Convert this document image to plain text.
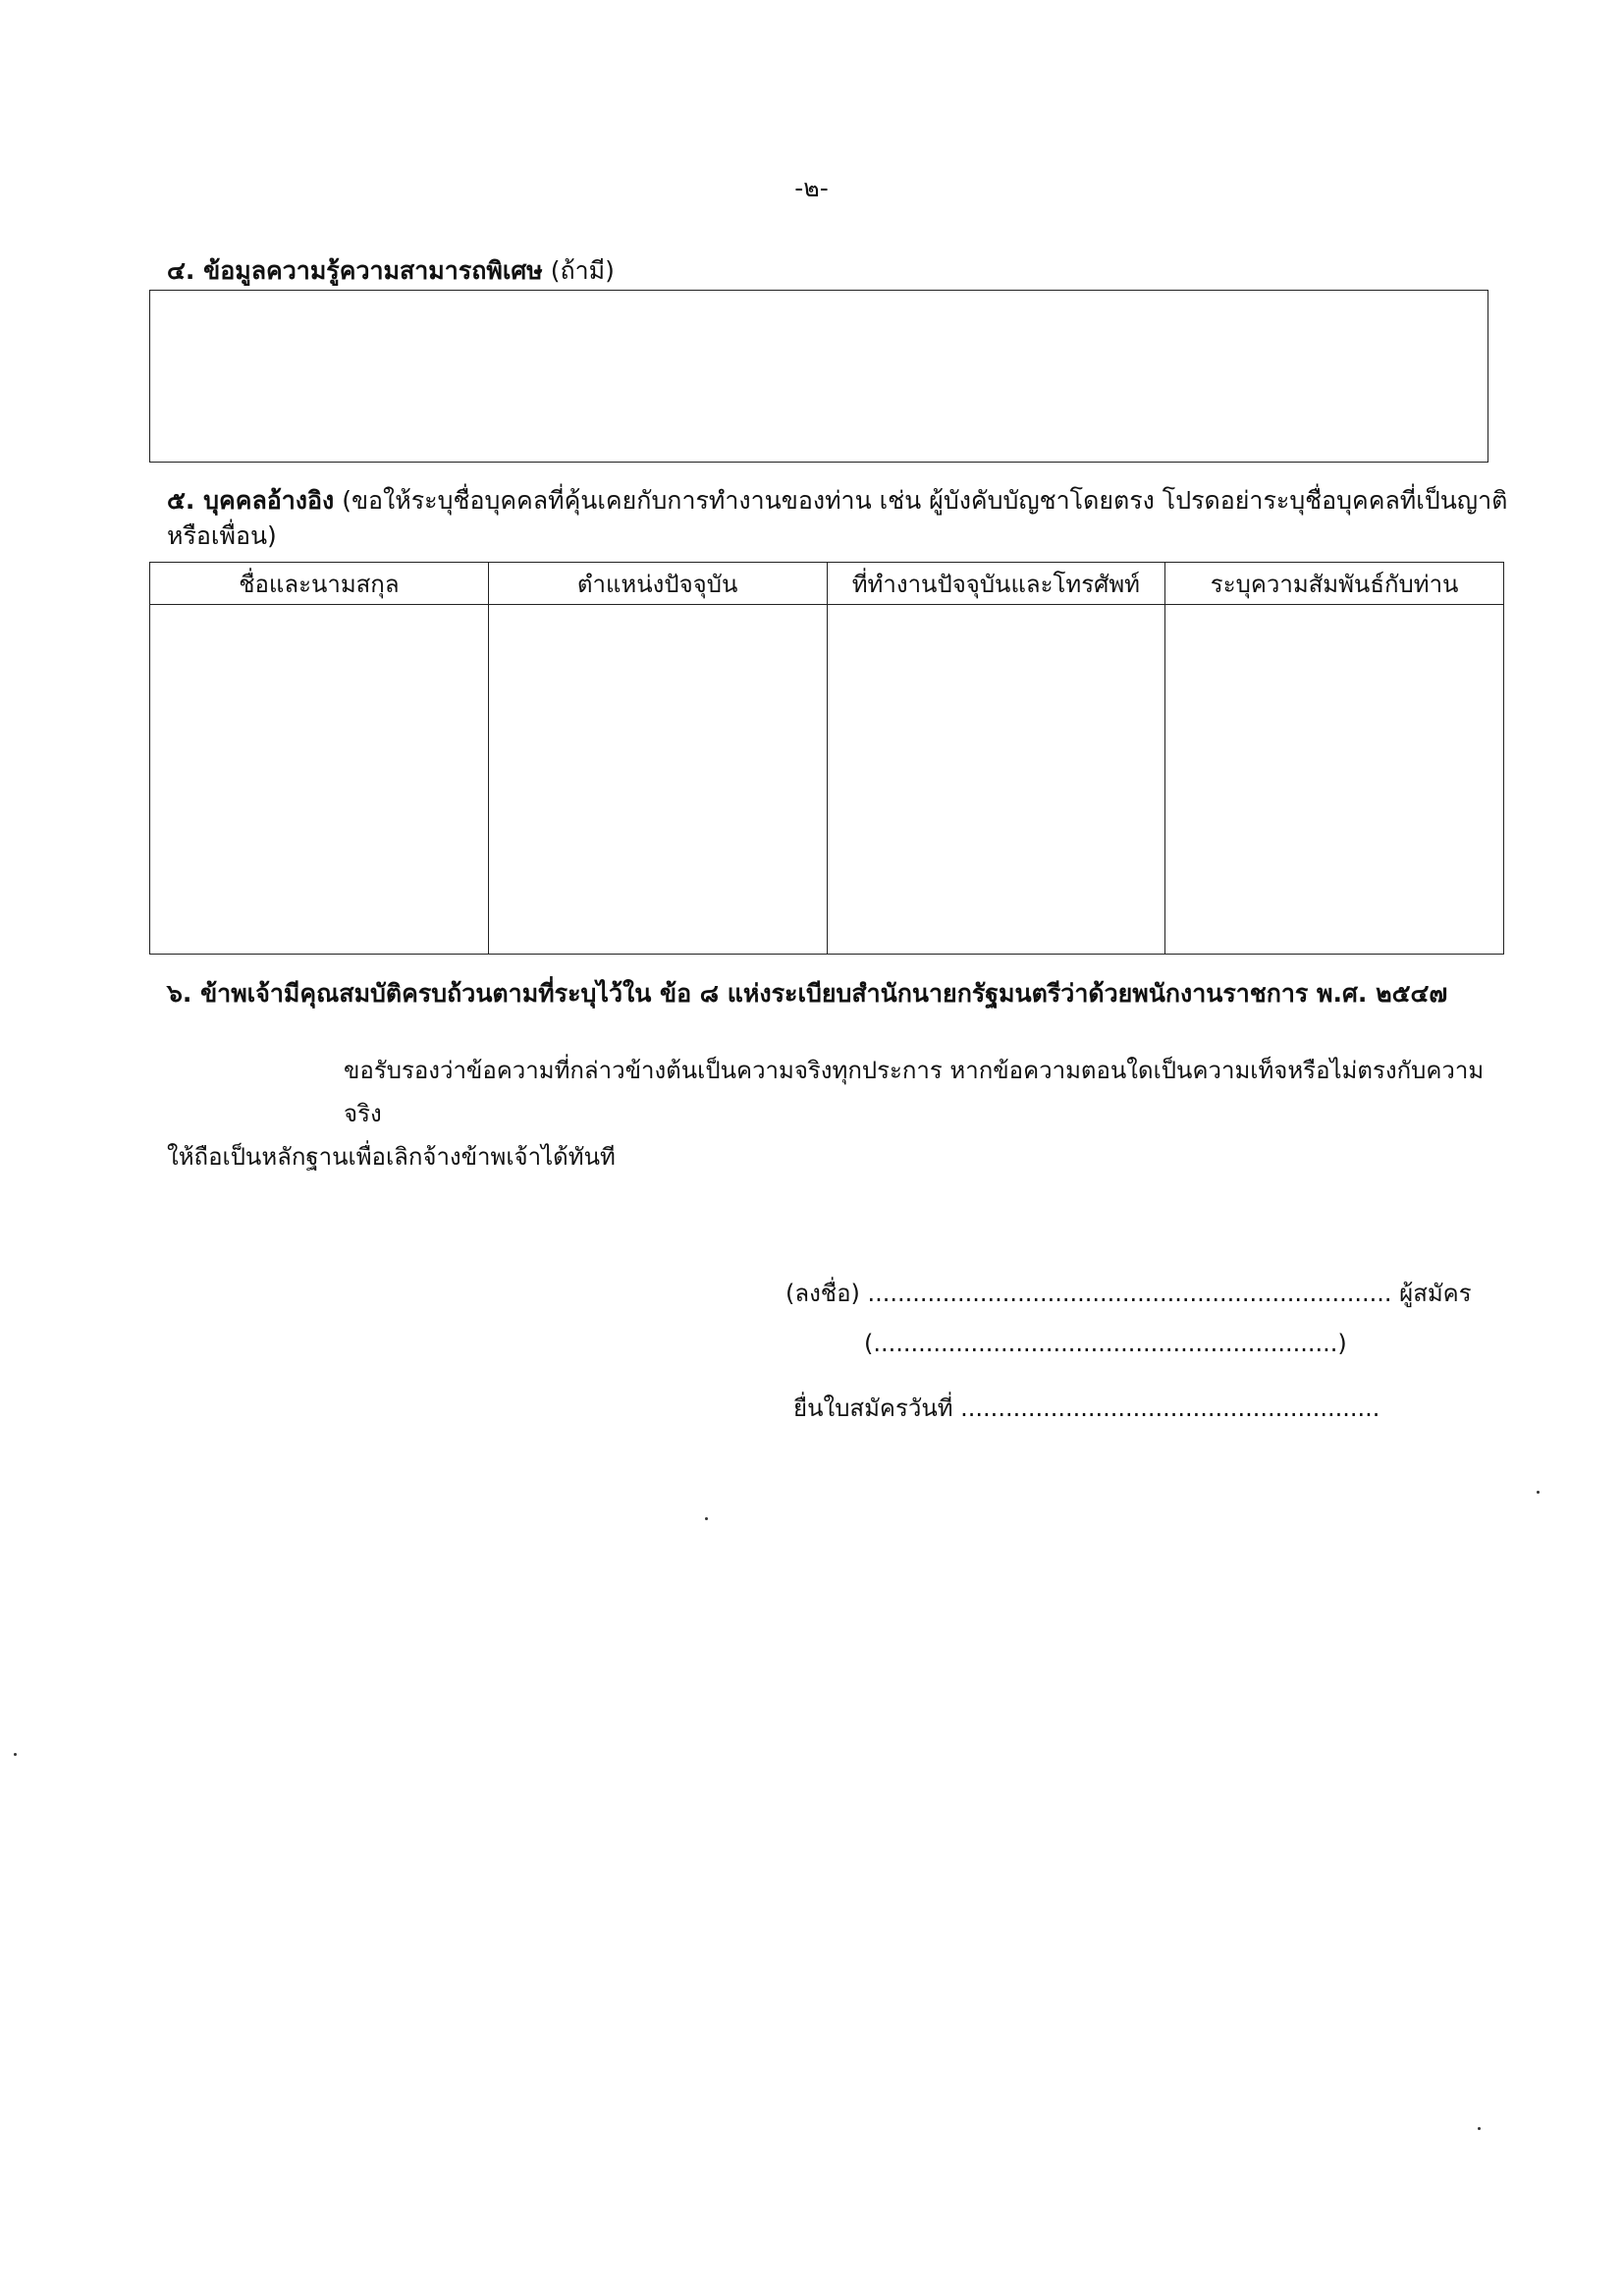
-๒-
๔. ข้อมูลความรู้ความสามารถพิเศษ (ถ้ามี)
๕. บุคคลอ้างอิง (ขอให้ระบุชื่อบุคคลที่คุ้นเคยกับการทำงานของท่าน เช่น ผู้บังคับบัญชาโดยตรง โปรดอย่าระบุชื่อบุคคลที่เป็นญาติ
หรือเพื่อน)
ชื่อและนามสกุล	ตำแหน่งปัจจุบัน	ที่ทำงานปัจจุบันและโทรศัพท์	ระบุความสัมพันธ์กับท่าน

๖. ข้าพเจ้ามีคุณสมบัติครบถ้วนตามที่ระบุไว้ใน ข้อ ๘ แห่งระเบียบสำนักนายกรัฐมนตรีว่าด้วยพนักงานราชการ พ.ศ. ๒๕๔๗
ขอรับรองว่าข้อความที่กล่าวข้างต้นเป็นความจริงทุกประการ หากข้อความตอนใดเป็นความเท็จหรือไม่ตรงกับความจริง
ให้ถือเป็นหลักฐานเพื่อเลิกจ้างข้าพเจ้าได้ทันที
(ลงชื่อ) ...................................................................... ผู้สมัคร
(..............................................................)
ยื่นใบสมัครวันที่ ........................................................
